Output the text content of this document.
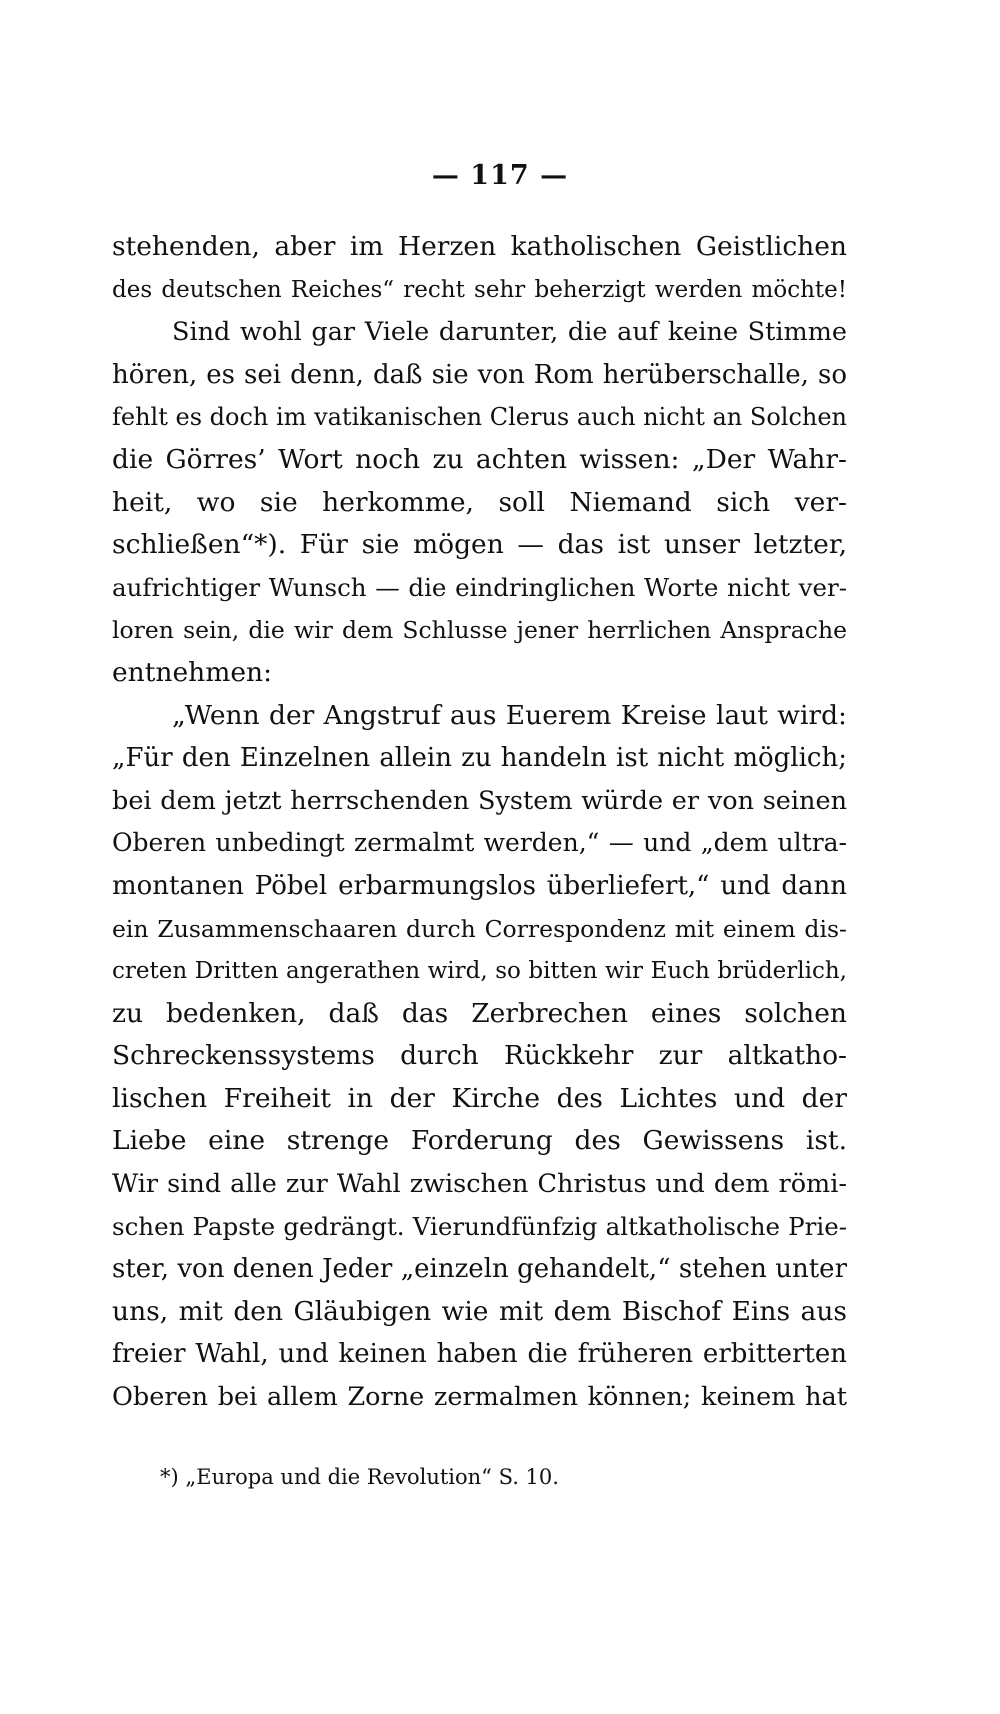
— 117 —
stehenden, aber im Herzen katholischen Geistlichen
des deutschen Reiches“ recht sehr beherzigt werden möchte!
Sind wohl gar Viele darunter, die auf keine Stimme
hören, es sei denn, daß sie von Rom herüberschalle, so
fehlt es doch im vatikanischen Clerus auch nicht an Solchen
die Görres’ Wort noch zu achten wissen: „Der Wahr-
heit, wo sie herkomme, soll Niemand sich ver-
schließen“*). Für sie mögen — das ist unser letzter,
aufrichtiger Wunsch — die eindringlichen Worte nicht ver-
loren sein, die wir dem Schlusse jener herrlichen Ansprache
entnehmen:
„Wenn der Angstruf aus Euerem Kreise laut wird:
„Für den Einzelnen allein zu handeln ist nicht möglich;
bei dem jetzt herrschenden System würde er von seinen
Oberen unbedingt zermalmt werden,“ — und „dem ultra-
montanen Pöbel erbarmungslos überliefert,“ und dann
ein Zusammenschaaren durch Correspondenz mit einem dis-
creten Dritten angerathen wird, so bitten wir Euch brüderlich,
zu bedenken, daß das Zerbrechen eines solchen
Schreckenssystems durch Rückkehr zur altkatho-
lischen Freiheit in der Kirche des Lichtes und der
Liebe eine strenge Forderung des Gewissens ist.
Wir sind alle zur Wahl zwischen Christus und dem römi-
schen Papste gedrängt. Vierundfünfzig altkatholische Prie-
ster, von denen Jeder „einzeln gehandelt,“ stehen unter
uns, mit den Gläubigen wie mit dem Bischof Eins aus
freier Wahl, und keinen haben die früheren erbitterten
Oberen bei allem Zorne zermalmen können; keinem hat
*) „Europa und die Revolution“ S. 10.
